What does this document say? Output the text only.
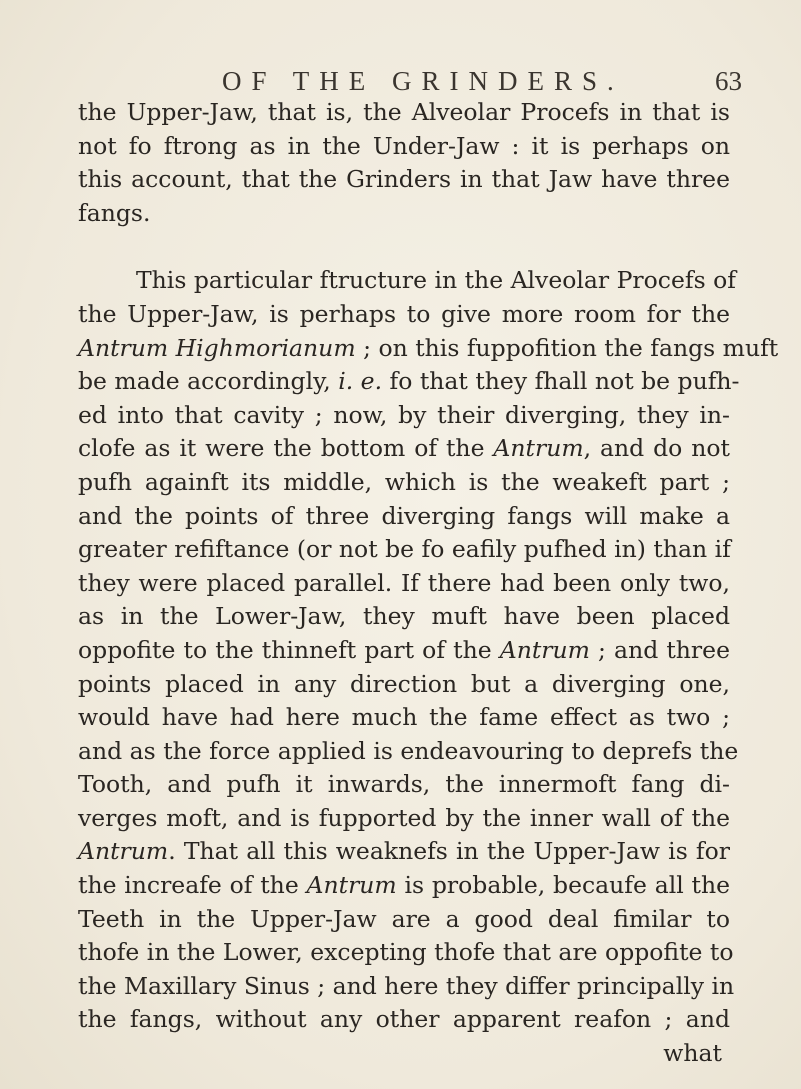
OF THE GRINDERS.	63
the Upper-Jaw, that is, the Alveolar Procefs in that is
not fo ftrong as in the Under-Jaw : it is perhaps on
this account, that the Grinders in that Jaw have three
fangs.
This particular ftructure in the Alveolar Procefs of
the Upper-Jaw, is perhaps to give more room for the
Antrum Highmorianum ; on this fuppofition the fangs muft
be made accordingly, i. e. fo that they fhall not be pufh-
ed into that cavity ; now, by their diverging, they in-
clofe as it were the bottom of the Antrum, and do not
pufh againft its middle, which is the weakeft part ;
and the points of three diverging fangs will make a
greater refiftance (or not be fo eafily pufhed in) than if
they were placed parallel. If there had been only two,
as in the Lower-Jaw, they muft have been placed
oppofite to the thinneft part of the Antrum ; and three
points placed in any direction but a diverging one,
would have had here much the fame effect as two ;
and as the force applied is endeavouring to deprefs the
Tooth, and pufh it inwards, the innermoft fang di-
verges moft, and is fupported by the inner wall of the
Antrum. That all this weaknefs in the Upper-Jaw is for
the increafe of the Antrum is probable, becaufe all the
Teeth in the Upper-Jaw are a good deal fimilar to
thofe in the Lower, excepting thofe that are oppofite to
the Maxillary Sinus ; and here they differ principally in
the fangs, without any other apparent reafon ; and
what
